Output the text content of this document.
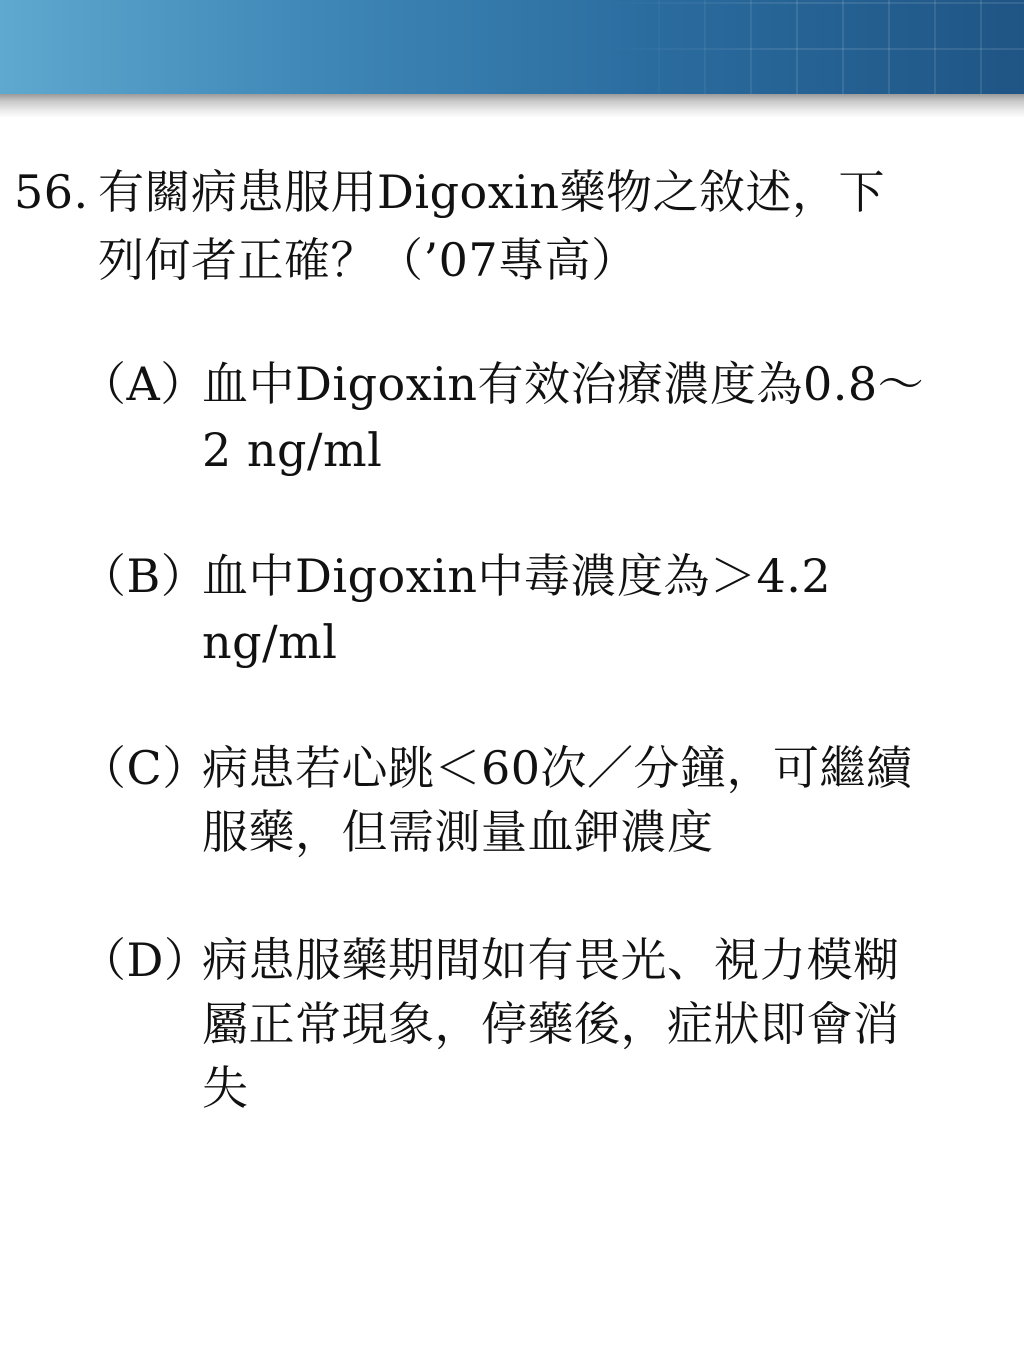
56. 有關病患服用Digoxin藥物之敘述，下
列何者正確？（’07專高）
（A）
血中Digoxin有效治療濃度為0.8～
2 ng/ml
（B）
血中Digoxin中毒濃度為＞4.2
ng/ml
（C）
病患若心跳＜60次／分鐘，可繼續
服藥，但需測量血鉀濃度
（D）
病患服藥期間如有畏光、視力模糊
屬正常現象，停藥後，症狀即會消
失
